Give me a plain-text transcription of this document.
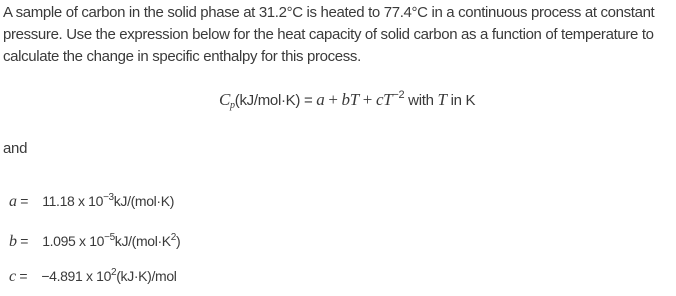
A sample of carbon in the solid phase at 31.2°C is heated to 77.4°C in a continuous process at constant pressure. Use the expression below for the heat capacity of solid carbon as a function of temperature to calculate the change in specific enthalpy for this process.
$C_p(kJ/mol\cdot K) = a$ + bT + $cT^{-2}$ with T in K
and
a = 11.18 x $10^{-3}kJ/(mol\cdot K)$
b = 1.095 x $10^{-5}kJ/(mol\cdot K^2)$
c = −4.891 x $10^2(kJ\cdot K)$/mol
